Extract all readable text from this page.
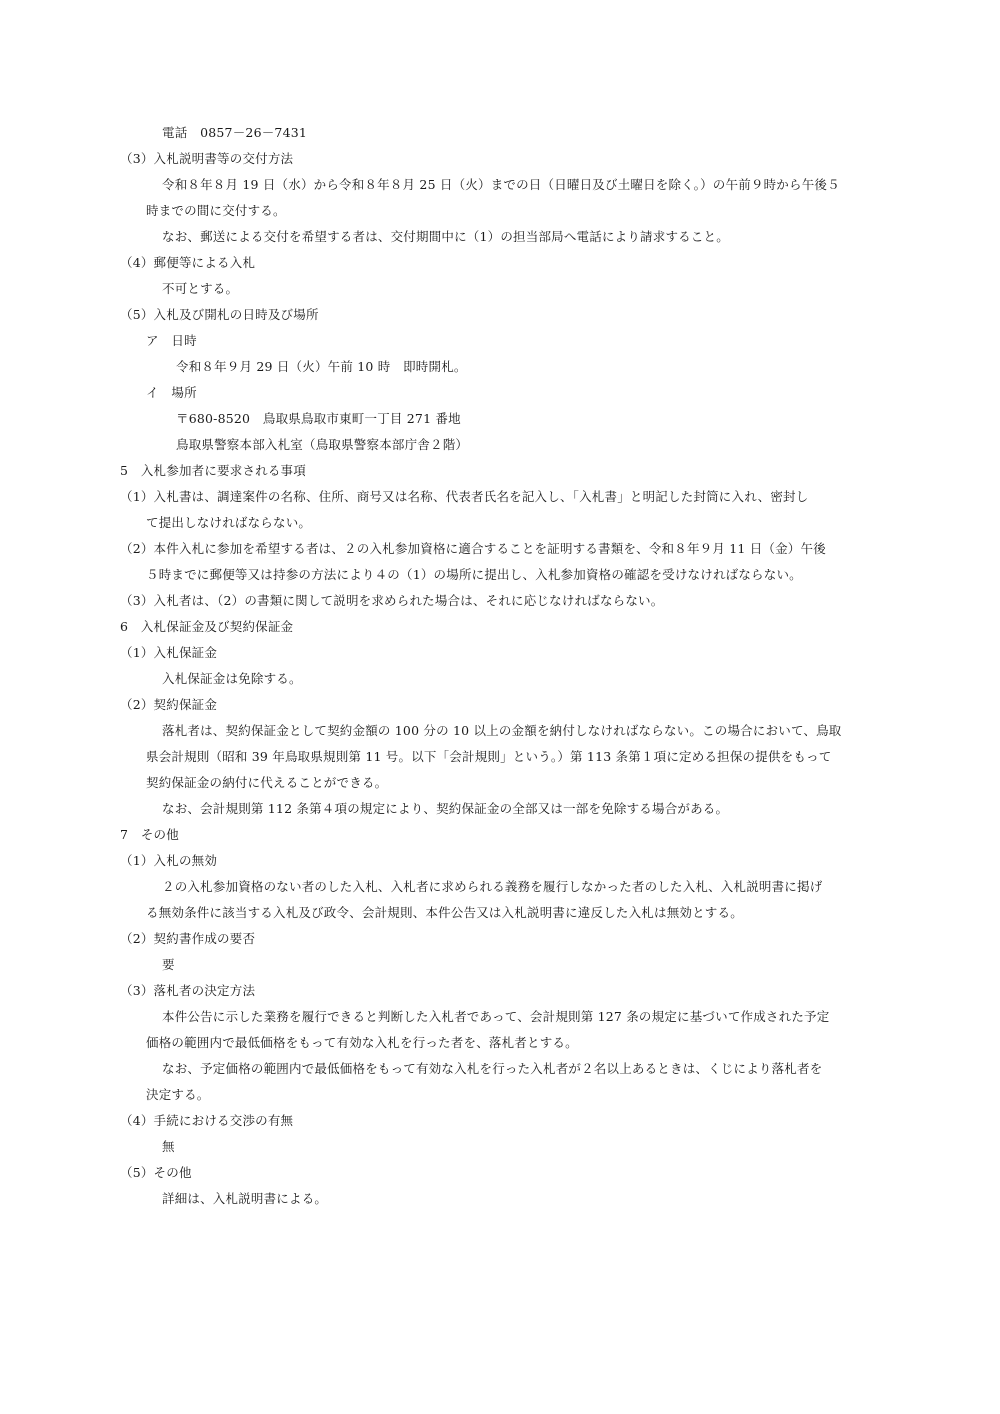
電話　0857－26－7431
（3）入札説明書等の交付方法
令和８年８月 19 日（水）から令和８年８月 25 日（火）までの日（日曜日及び土曜日を除く。）の午前９時から午後５
時までの間に交付する。
なお、郵送による交付を希望する者は、交付期間中に（1）の担当部局へ電話により請求すること。
（4）郵便等による入札
不可とする。
（5）入札及び開札の日時及び場所
ア　日時
令和８年９月 29 日（火）午前 10 時　即時開札。
イ　場所
〒680-8520　鳥取県鳥取市東町一丁目 271 番地
鳥取県警察本部入札室（鳥取県警察本部庁舎２階）
5　入札参加者に要求される事項
（1）入札書は、調達案件の名称、住所、商号又は名称、代表者氏名を記入し、「入札書」と明記した封筒に入れ、密封し
て提出しなければならない。
（2）本件入札に参加を希望する者は、２の入札参加資格に適合することを証明する書類を、令和８年９月 11 日（金）午後
５時までに郵便等又は持参の方法により４の（1）の場所に提出し、入札参加資格の確認を受けなければならない。
（3）入札者は、（2）の書類に関して説明を求められた場合は、それに応じなければならない。
6　入札保証金及び契約保証金
（1）入札保証金
入札保証金は免除する。
（2）契約保証金
落札者は、契約保証金として契約金額の 100 分の 10 以上の金額を納付しなければならない。この場合において、鳥取
県会計規則（昭和 39 年鳥取県規則第 11 号。以下「会計規則」という。）第 113 条第１項に定める担保の提供をもって
契約保証金の納付に代えることができる。
なお、会計規則第 112 条第４項の規定により、契約保証金の全部又は一部を免除する場合がある。
7　その他
（1）入札の無効
２の入札参加資格のない者のした入札、入札者に求められる義務を履行しなかった者のした入札、入札説明書に掲げ
る無効条件に該当する入札及び政令、会計規則、本件公告又は入札説明書に違反した入札は無効とする。
（2）契約書作成の要否
要
（3）落札者の決定方法
本件公告に示した業務を履行できると判断した入札者であって、会計規則第 127 条の規定に基づいて作成された予定
価格の範囲内で最低価格をもって有効な入札を行った者を、落札者とする。
なお、予定価格の範囲内で最低価格をもって有効な入札を行った入札者が２名以上あるときは、くじにより落札者を
決定する。
（4）手続における交渉の有無
無
（5）その他
詳細は、入札説明書による。
